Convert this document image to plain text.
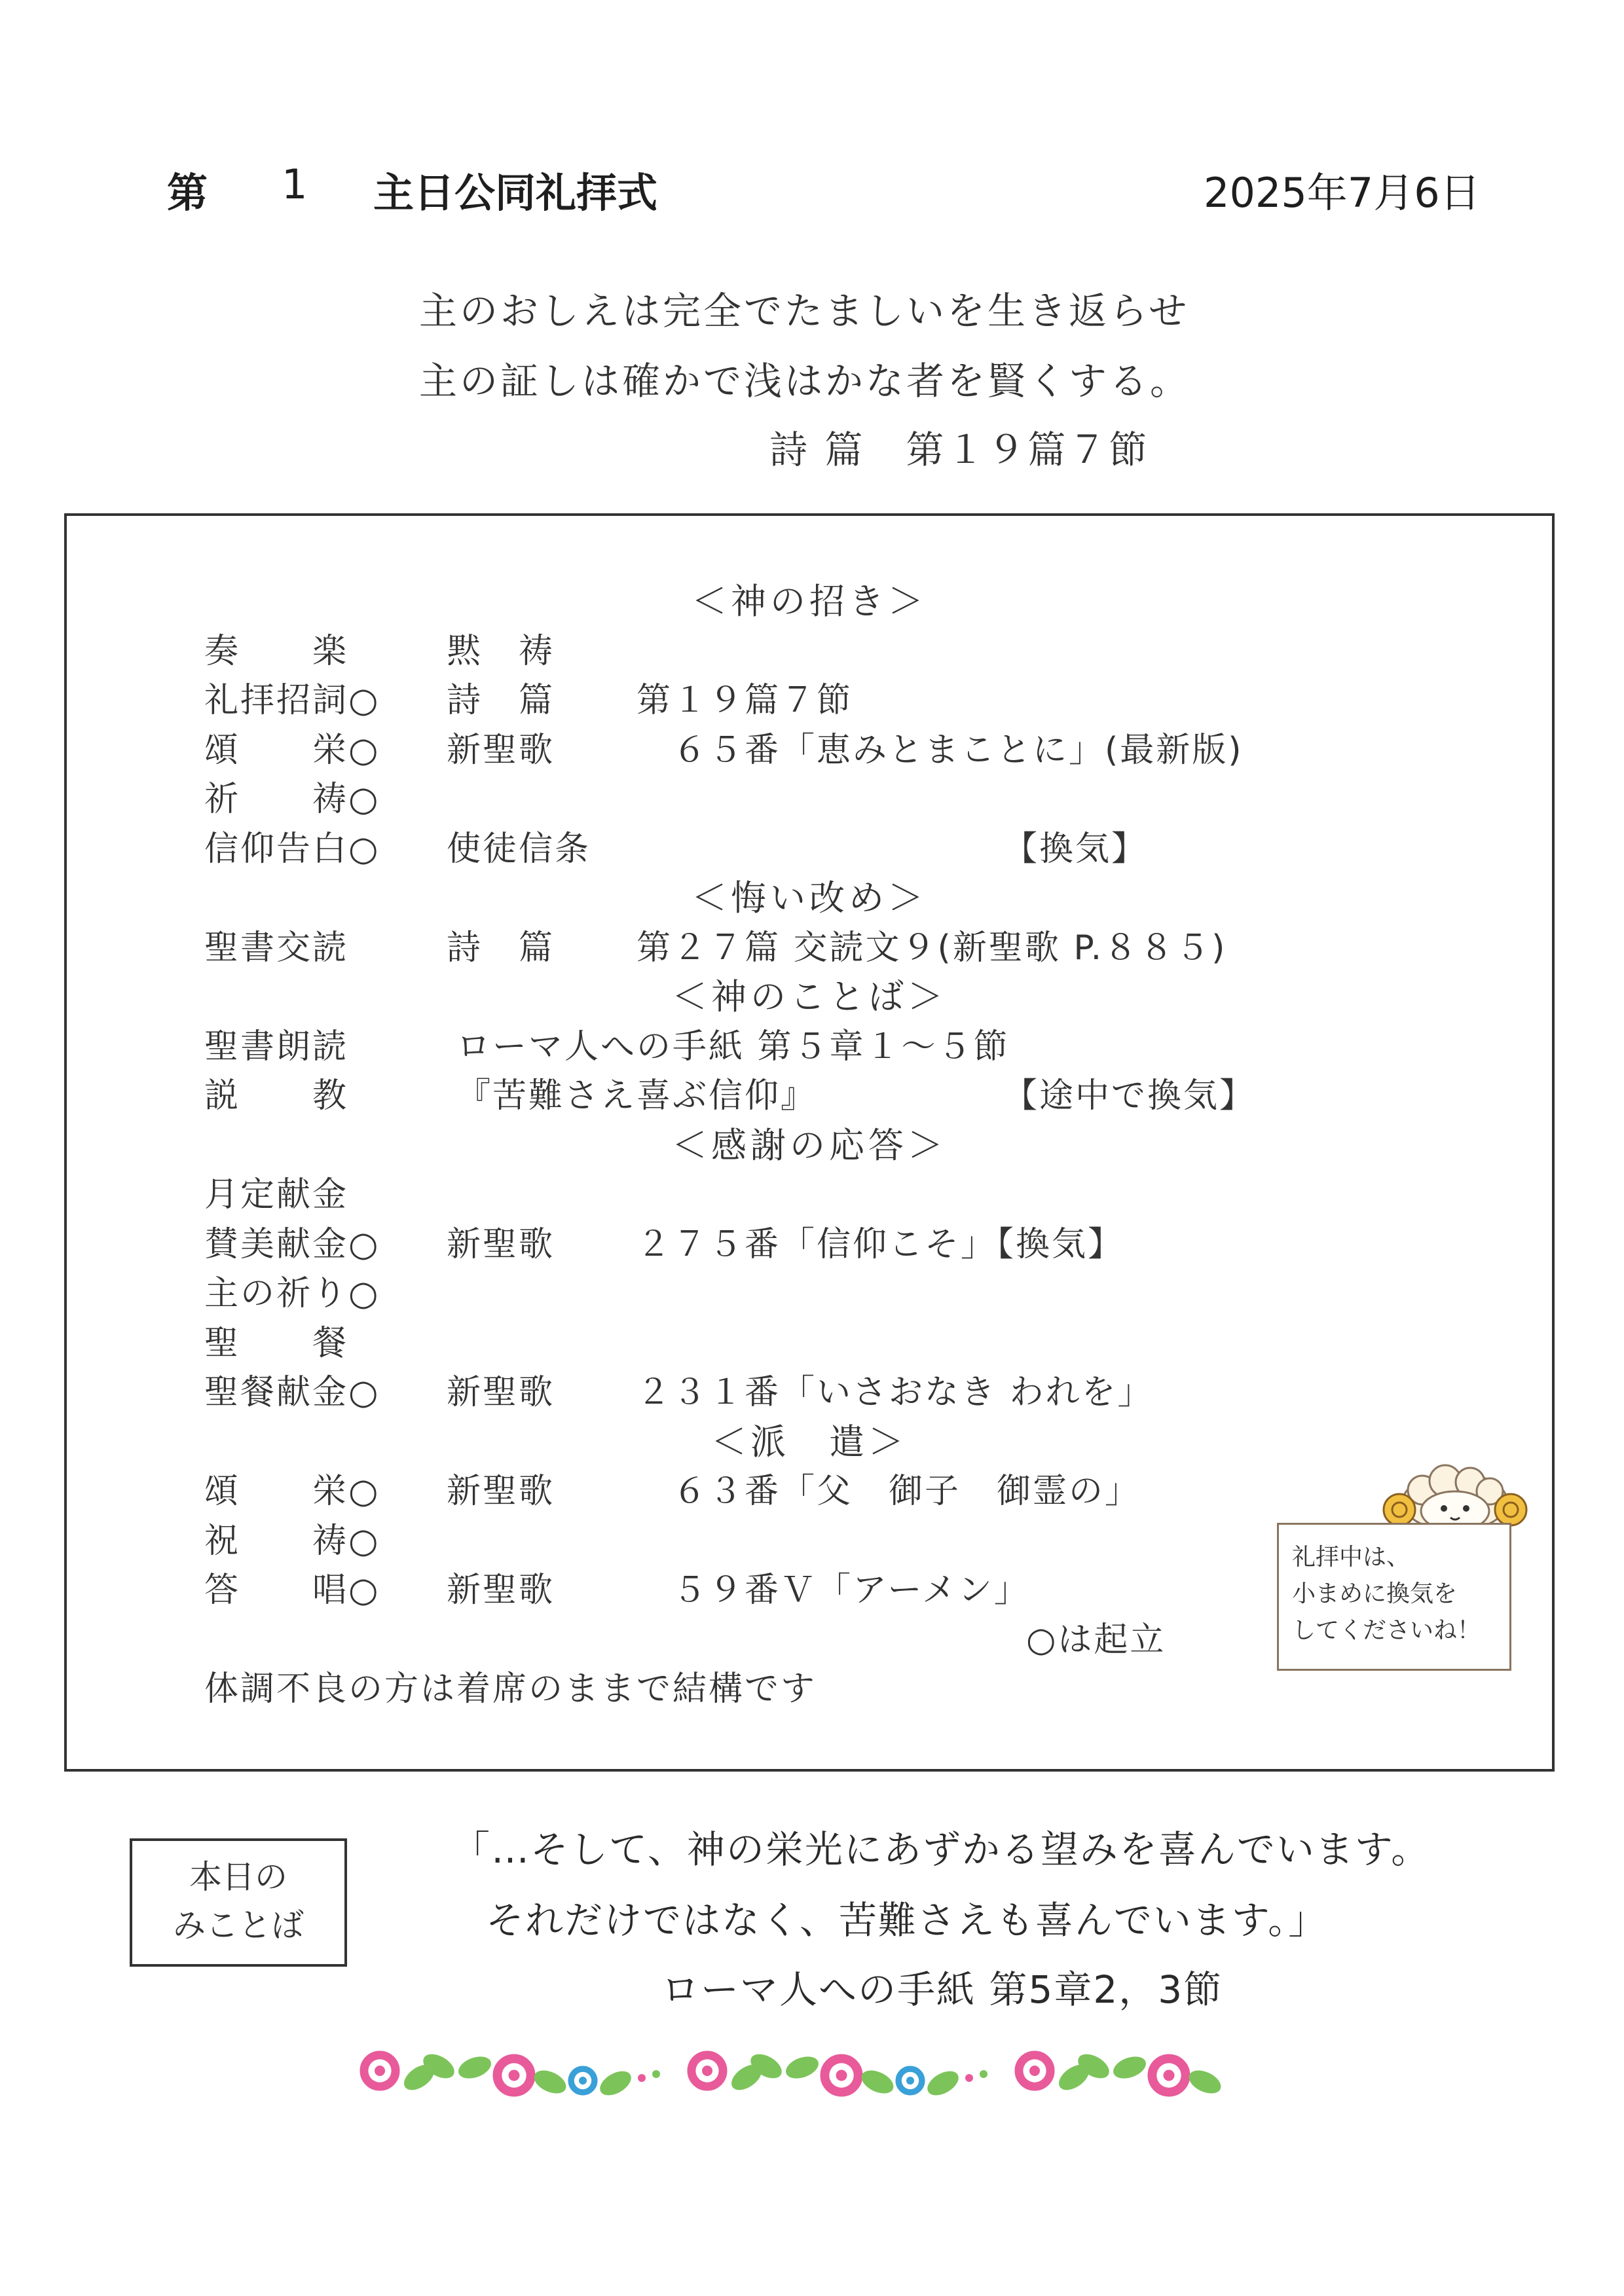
第 1 主日公同礼拝式	2025年7月6日
主のおしえは完全でたましいを生き返らせ
主の証しは確かで浅はかな者を賢くする。
詩 篇　第１９篇７節
＜神の招き＞
奏　　楽	黙　祷
礼拝招詞○ 詩　篇 第１９篇７節
頌　　栄○ 新聖歌 　６５番「恵みとまことに」(最新版)
祈　　祷○
信仰告白○ 使徒信条	【換気】
＜悔い改め＞
聖書交読	詩　篇 第２７篇 交読文９(新聖歌 P.８８５)
＜神のことば＞
聖書朗読	ローマ人への手紙 第５章１～５節
説　　教	『苦難さえ喜ぶ信仰』	【途中で換気】
＜感謝の応答＞
月定献金
賛美献金○ 新聖歌 ２７５番「信仰こそ」【換気】
主の祈り○
聖　　餐
聖餐献金○ 新聖歌 ２３１番「いさおなき われを」
＜派　遣＞
頌　　栄○ 新聖歌 　６３番「父　御子　御霊の」
祝　　祷○
答　　唱○ 新聖歌 　５９番Ｖ「アーメン」
○は起立
体調不良の方は着席のままで結構です
礼拝中は、
小まめに換気を
してくださいね！
本日の
みことば
「…そして、神の栄光にあずかる望みを喜んでいます。
それだけではなく、苦難さえも喜んでいます。」
ローマ人への手紙 第5章2，3節
